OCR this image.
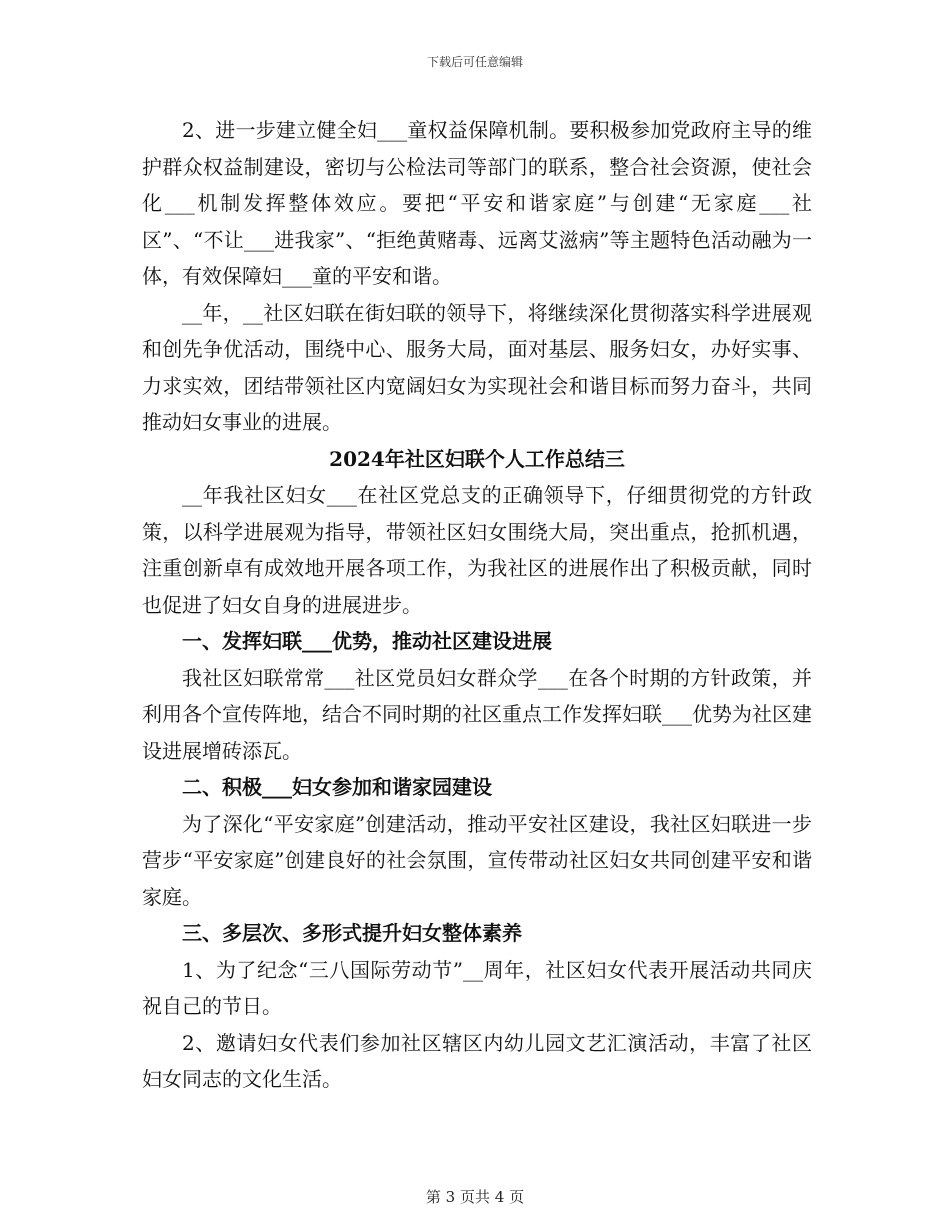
下载后可任意编辑

2、进一步建立健全妇___童权益保障机制。要积极参加党政府主导的维护群众权益制建设，密切与公检法司等部门的联系，整合社会资源，使社会化___机制发挥整体效应。要把“平安和谐家庭”与创建“无家庭___社区”、“不让___进我家”、“拒绝黄赌毒、远离艾滋病”等主题特色活动融为一体，有效保障妇___童的平安和谐。

__年，__社区妇联在街妇联的领导下，将继续深化贯彻落实科学进展观和创先争优活动，围绕中心、服务大局，面对基层、服务妇女，办好实事、力求实效，团结带领社区内宽阔妇女为实现社会和谐目标而努力奋斗，共同推动妇女事业的进展。

2024年社区妇联个人工作总结三

__年我社区妇女___在社区党总支的正确领导下，仔细贯彻党的方针政策，以科学进展观为指导，带领社区妇女围绕大局，突出重点，抢抓机遇，注重创新卓有成效地开展各项工作，为我社区的进展作出了积极贡献，同时也促进了妇女自身的进展进步。

一、发挥妇联___优势，推动社区建设进展

我社区妇联常常___社区党员妇女群众学___在各个时期的方针政策，并利用各个宣传阵地，结合不同时期的社区重点工作发挥妇联___优势为社区建设进展增砖添瓦。

二、积极___妇女参加和谐家园建设

为了深化“平安家庭”创建活动，推动平安社区建设，我社区妇联进一步营步“平安家庭”创建良好的社会氛围，宣传带动社区妇女共同创建平安和谐家庭。

三、多层次、多形式提升妇女整体素养

1、为了纪念“三八国际劳动节”__周年，社区妇女代表开展活动共同庆祝自己的节日。

2、邀请妇女代表们参加社区辖区内幼儿园文艺汇演活动，丰富了社区妇女同志的文化生活。

第 3 页共 4 页
